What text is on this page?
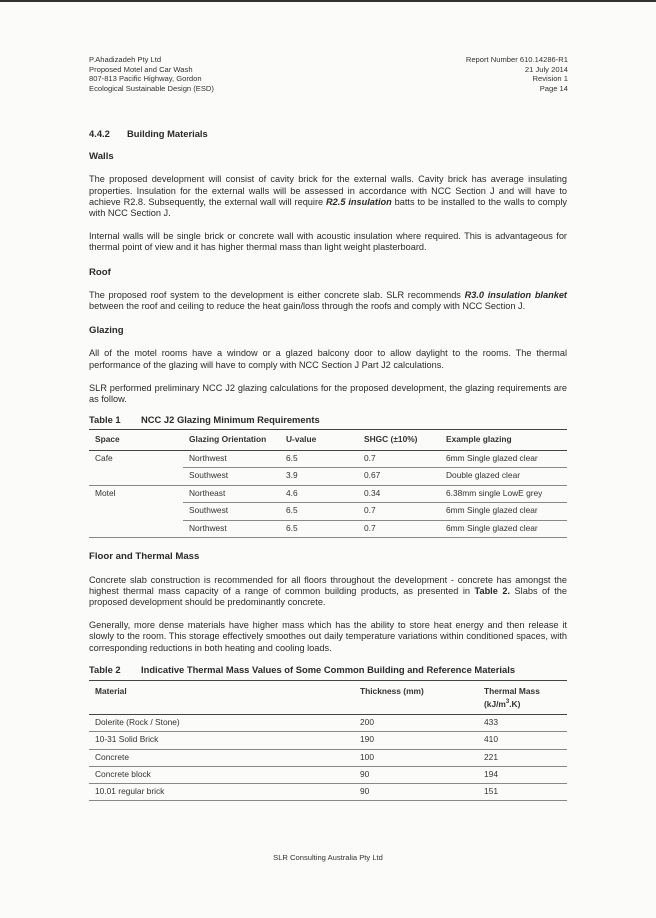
P.Ahadizadeh Pty Ltd
Proposed Motel and Car Wash
807-813 Pacific Highway, Gordon
Ecological Sustainable Design (ESD)
Report Number 610.14286-R1
21 July 2014
Revision 1
Page 14
4.4.2 Building Materials
Walls

The proposed development will consist of cavity brick for the external walls. Cavity brick has average insulating properties. Insulation for the external walls will be assessed in accordance with NCC Section J and will have to achieve R2.8. Subsequently, the external wall will require R2.5 insulation batts to be installed to the walls to comply with NCC Section J.

Internal walls will be single brick or concrete wall with acoustic insulation where required. This is advantageous for thermal point of view and it has higher thermal mass than light weight plasterboard.

Roof

The proposed roof system to the development is either concrete slab. SLR recommends R3.0 insulation blanket between the roof and ceiling to reduce the heat gain/loss through the roofs and comply with NCC Section J.

Glazing

All of the motel rooms have a window or a glazed balcony door to allow daylight to the rooms. The thermal performance of the glazing will have to comply with NCC Section J Part J2 calculations.

SLR performed preliminary NCC J2 glazing calculations for the proposed development, the glazing requirements are as follow.

Table 1 NCC J2 Glazing Minimum Requirements
Space	Glazing Orientation	U-value	SHGC (±10%)	Example glazing
Cafe	Northwest	6.5	0.7	6mm Single glazed clear
	Southwest	3.9	0.67	Double glazed clear
Motel	Northeast	4.6	0.34	6.38mm single LowE grey
	Southwest	6.5	0.7	6mm Single glazed clear
	Northwest	6.5	0.7	6mm Single glazed clear
Floor and Thermal Mass

Concrete slab construction is recommended for all floors throughout the development - concrete has amongst the highest thermal mass capacity of a range of common building products, as presented in Table 2. Slabs of the proposed development should be predominantly concrete.

Generally, more dense materials have higher mass which has the ability to store heat energy and then release it slowly to the room. This storage effectively smoothes out daily temperature variations within conditioned spaces, with corresponding reductions in both heating and cooling loads.

Table 2 Indicative Thermal Mass Values of Some Common Building and Reference Materials
Material	Thickness (mm)	Thermal Mass
$(kJ/m^3.K)$

Dolerite (Rock / Stone)	200	433
10-31 Solid Brick	190	410
Concrete	100	221
Concrete block	90	194
10.01 regular brick	90	151
SLR Consulting Australia Pty Ltd
